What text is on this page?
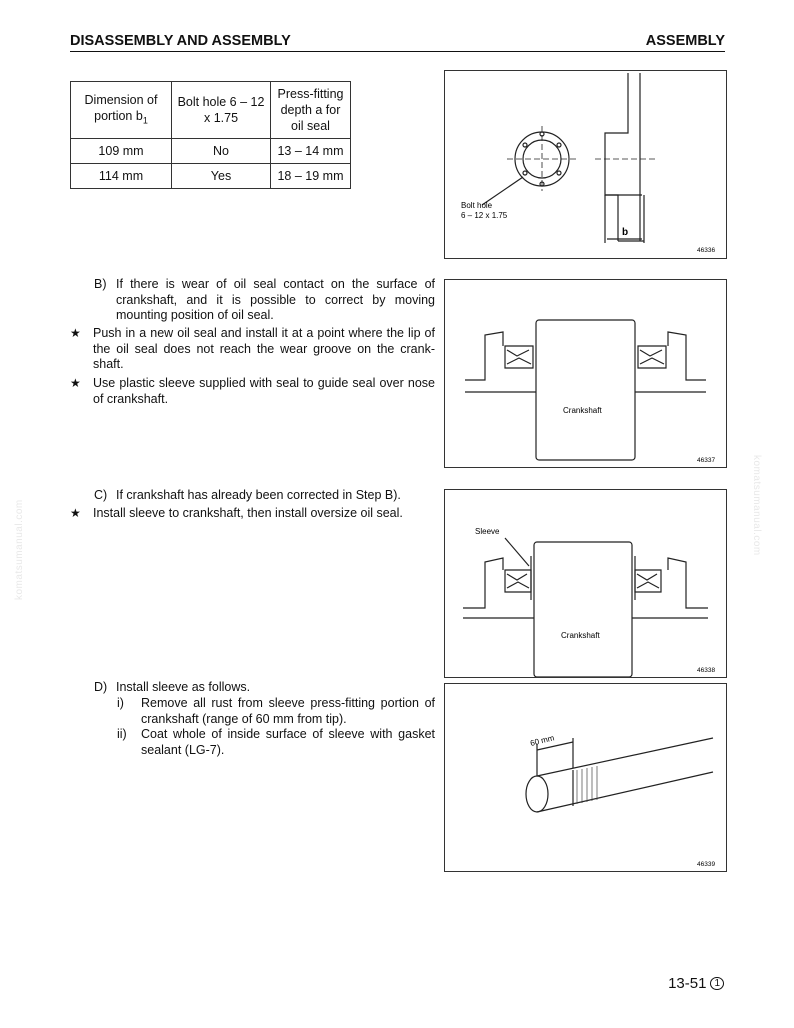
DISASSEMBLY AND ASSEMBLY	ASSEMBLY
Dimension of portion $b_1$	Bolt hole 6 – 12 x 1.75	Press-fitting depth a for oil seal
109 mm	No	13 – 14 mm
114 mm	Yes	18 – 19 mm
Bolt hole
6 – 12 x 1.75
b
46336
Crankshaft
46337
Sleeve
Crankshaft
46338
60 mm
46339
B) If there is wear of oil seal contact on the surface of crankshaft, and it is possible to correct by moving mounting position of oil seal.
★ Push in a new oil seal and install it at a point where the lip of the oil seal does not reach the wear groove on the crank-shaft.
★ Use plastic sleeve supplied with seal to guide seal over nose of crankshaft.
C) If crankshaft has already been corrected in Step B).
★ Install sleeve to crankshaft, then install oversize oil seal.
D) Install sleeve as follows.
i) Remove all rust from sleeve press-fitting portion of crankshaft (range of 60 mm from tip).
ii) Coat whole of inside surface of sleeve with gasket sealant (LG-7).
komatsumanual.com	komatsumanual.com
13-51 1
